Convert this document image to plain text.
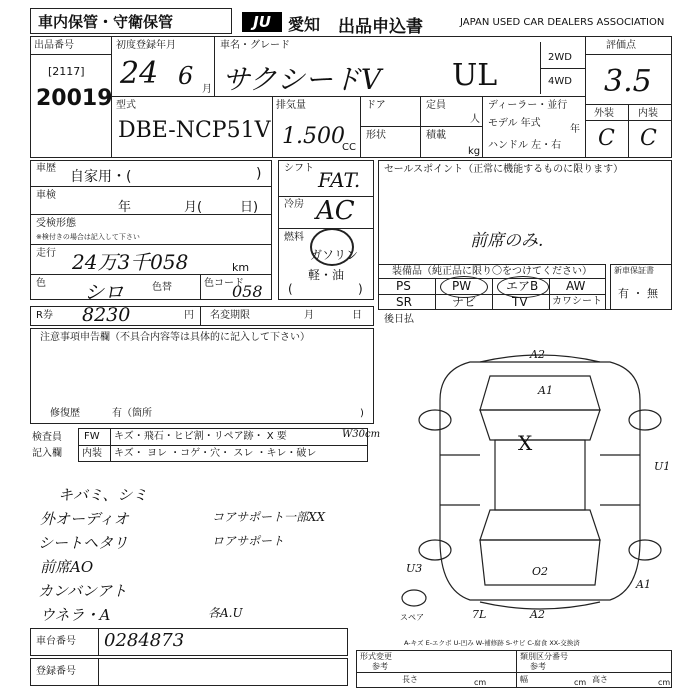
車内保管・守衛保管	JU	愛知 出品申込書	JAPAN USED CAR DEALERS ASSOCIATION
出品番号
[2117]
20019
初度登録年月
24 6 月
車名・グレード
サクシードV UL
2WD
4WD
評価点
3.5
外装 内装
C C
型式
DBE-NCP51V
排気量
1.500
CC
ドア	定員
人
形状	積載
kg
ディーラー・並行
モデル 年式
年
ハンドル 左・右
車歴
自家用・(	)
車検
年	月(	日)
受検形態
※検付きの場合は記入して下さい
走行 24万3千058	km
色 シロ	色替	色コード
058
シフト FAT.
冷房 AC
燃料
ガソリン
軽・油
(	)
セールスポイント（正常に機能するものに限ります）
前席のみ.
装備品（純正品に限り〇をつけてください）
PS	PW	エアB AW
SR	ナビ	TV カワシート
新車保証書
有 ・ 無
R券 8230	円 名変期限	月	日
注意事項申告欄（不具合内容等は具体的に記入して下さい）
修復歴	有（箇所	)
後日払
検査員
記入欄
FW キズ・飛石・ヒビ割・リペア跡・ X 要	W30cm
内装 キズ・ ヨレ ・コゲ・穴・ スレ ・キレ・破レ
キバミ、シミ
外オーディオ
シートヘタリ
前席AO
カンバンアト
ウネラ・A
コアサポート一部XX
ロアサポート
各A.U
A2
A1
X
U1
U3	O2
A1
A2
7L
スペア
A-キズ E-エクボ U-凹み W-補修跡 S-サビ C-腐食 XX-交換済
車台番号 0284873
登録番号
形式変更
参考
類別区分番号
参考
長さ	cm	幅	cm 高さ	cm
